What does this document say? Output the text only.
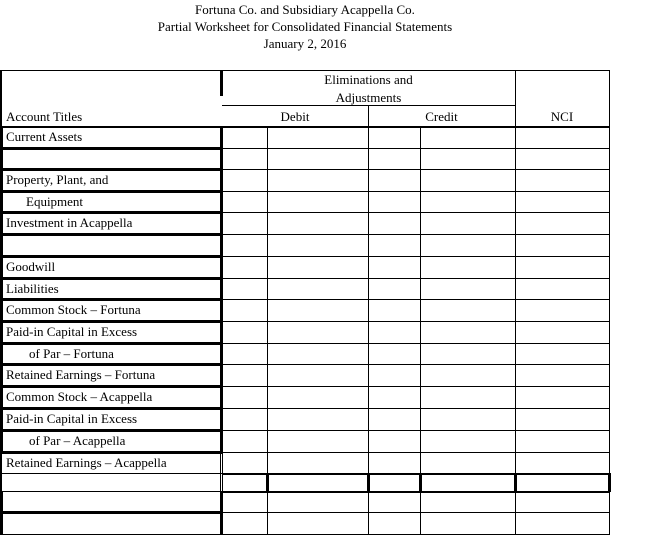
Fortuna Co. and Subsidiary Acappella Co.
Partial Worksheet for Consolidated Financial Statements
January 2, 2016
Eliminations and
Adjustments
Account Titles	Debit	Credit	NCI
Current Assets
Property, Plant, and
Equipment
Investment in Acappella
Goodwill
Liabilities
Common Stock – Fortuna
Paid-in Capital in Excess
of Par – Fortuna
Retained Earnings – Fortuna
Common Stock – Acappella
Paid-in Capital in Excess
of Par – Acappella
Retained Earnings – Acappella
